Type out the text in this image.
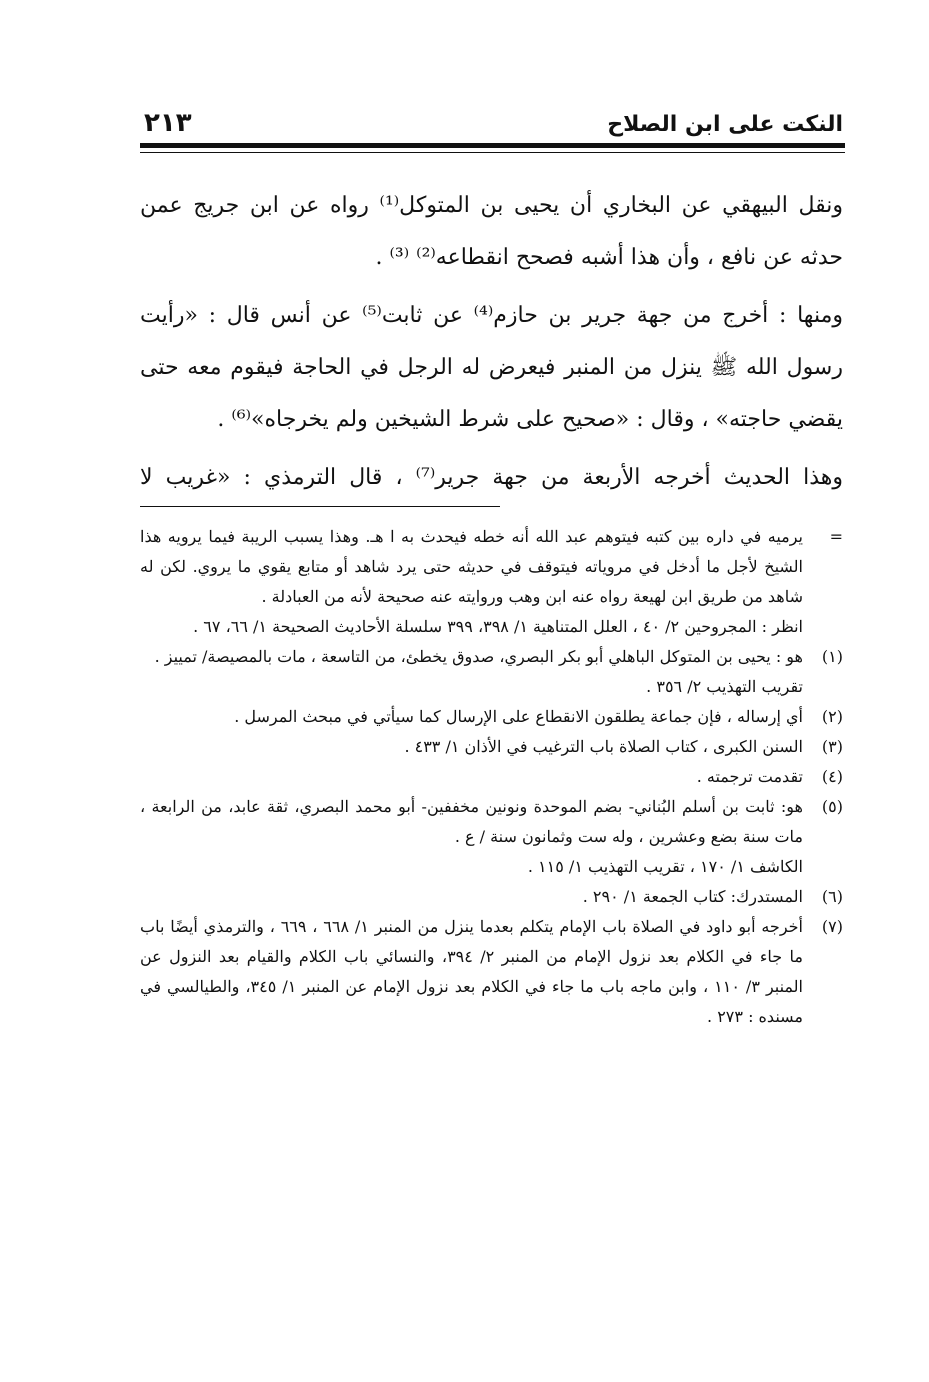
النكت على ابن الصلاح
٢١٣

ونقل البيهقي عن البخاري أن يحيى بن المتوكل⁽¹⁾ رواه عن ابن جريج عمن حدثه عن نافع ، وأن هذا أشبه فصحح انقطاعه⁽²⁾ ⁽³⁾ .

ومنها : أخرج من جهة جرير بن حازم⁽⁴⁾ عن ثابت⁽⁵⁾ عن أنس قال : «رأيت رسول الله ﷺ ينزل من المنبر فيعرض له الرجل في الحاجة فيقوم معه حتى يقضي حاجته» ، وقال : «صحيح على شرط الشيخين ولم يخرجاه»⁽⁶⁾ .

وهذا الحديث أخرجه الأربعة من جهة جرير⁽⁷⁾ ، قال الترمذي : «غريب لا

=
يرميه في داره بين كتبه فيتوهم عبد الله أنه خطه فيحدث به ا هـ. وهذا يسبب الريبة فيما يرويه هذا الشيخ لأجل ما أدخل في مروياته فيتوقف في حديثه حتى يرد شاهد أو متابع يقوي ما يروي. لكن له شاهد من طريق ابن لهيعة رواه عنه ابن وهب وروايته عنه صحيحة لأنه من العبادلة .

انظر : المجروحين ٢/ ٤٠ ، العلل المتناهية ١/ ٣٩٨، ٣٩٩ سلسلة الأحاديث الصحيحة ١/ ٦٦، ٦٧ .

(١)
هو : يحيى بن المتوكل الباهلي أبو بكر البصري، صدوق يخطئ، من التاسعة ، مات بالمصيصة/ تمييز .

تقريب التهذيب ٢/ ٣٥٦ .

(٢)
أي إرساله ، فإن جماعة يطلقون الانقطاع على الإرسال كما سيأتي في مبحث المرسل .
(٣)
السنن الكبرى ، كتاب الصلاة باب الترغيب في الأذان ١/ ٤٣٣ .
(٤)
تقدمت ترجمته .
(٥)
هو: ثابت بن أسلم البُناني- بضم الموحدة ونونين مخففين- أبو محمد البصري، ثقة عابد، من الرابعة ، مات سنة بضع وعشرين ، وله ست وثمانون سنة / ع .

الكاشف ١/ ١٧٠ ، تقريب التهذيب ١/ ١١٥ .

(٦)
المستدرك: كتاب الجمعة ١/ ٢٩٠ .
(٧)
أخرجه أبو داود في الصلاة باب الإمام يتكلم بعدما ينزل من المنبر ١/ ٦٦٨ ، ٦٦٩ ، والترمذي أيضًا باب ما جاء في الكلام بعد نزول الإمام من المنبر ٢/ ٣٩٤، والنسائي باب الكلام والقيام بعد النزول عن المنبر ٣/ ١١٠ ، وابن ماجه باب ما جاء في الكلام بعد نزول الإمام عن المنبر ١/ ٣٤٥، والطيالسي في مسنده : ٢٧٣ .
